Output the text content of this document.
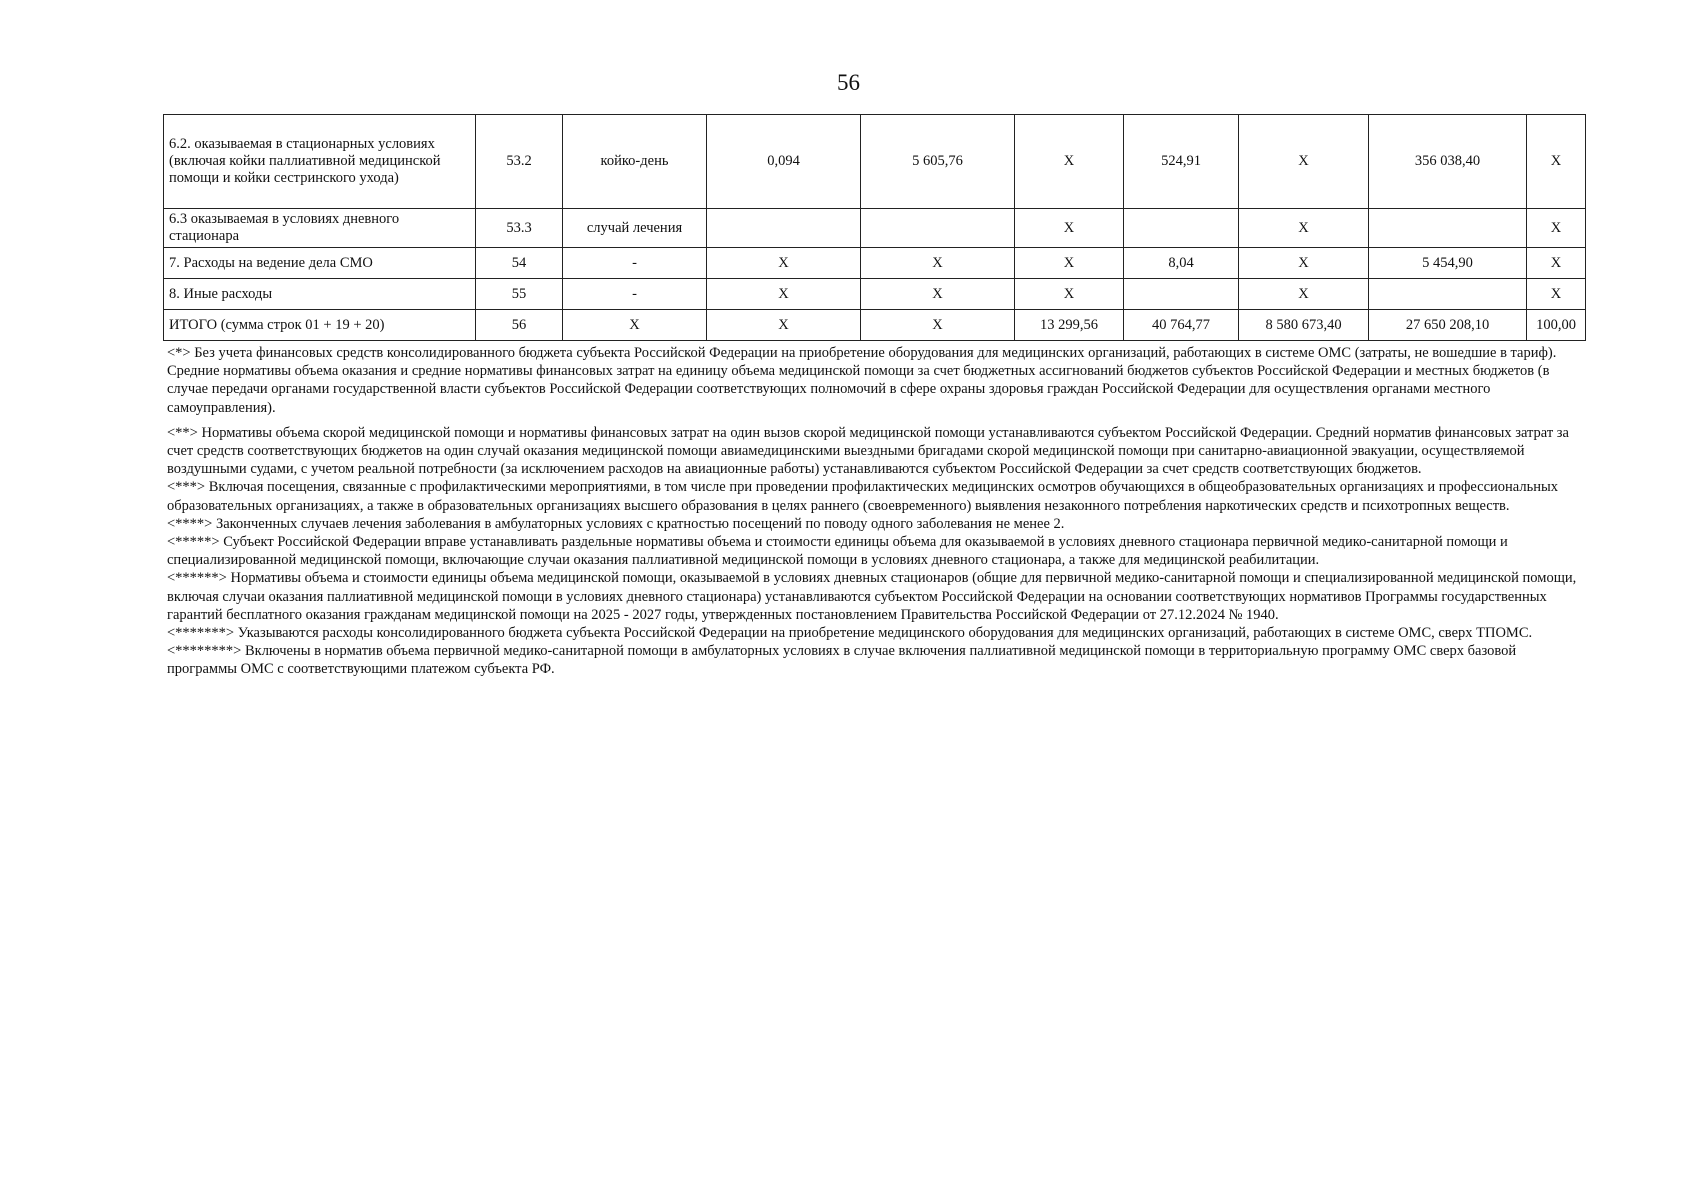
56
6.2. оказываемая в стационарных условиях (включая койки паллиативной медицинской помощи и койки сестринского ухода)	53.2	койко-день	0,094	5 605,76	X	524,91	X	356 038,40	X
6.3 оказываемая в условиях дневного стационара	53.3	случай лечения			X		X		X
7. Расходы на ведение дела СМО	54	-	X	X	X	8,04	X	5 454,90	X
8. Иные расходы	55	-	X	X	X		X		X
ИТОГО (сумма строк 01 + 19 + 20)	56	X	X	X	13 299,56	40 764,77	8 580 673,40	27 650 208,10	100,00

<*> Без учета финансовых средств консолидированного бюджета субъекта Российской Федерации на приобретение оборудования для медицинских организаций, работающих в системе ОМС (затраты, не вошедшие в тариф). Средние нормативы объема оказания и средние нормативы финансовых затрат на единицу объема медицинской помощи за счет бюджетных ассигнований бюджетов субъектов Российской Федерации и местных бюджетов (в случае передачи органами государственной власти субъектов Российской Федерации соответствующих полномочий в сфере охраны здоровья граждан Российской Федерации для осуществления органами местного самоуправления).

<**> Нормативы объема скорой медицинской помощи и нормативы финансовых затрат на один вызов скорой медицинской помощи устанавливаются субъектом Российской Федерации. Средний норматив финансовых затрат за счет средств соответствующих бюджетов на один случай оказания медицинской помощи авиамедицинскими выездными бригадами скорой медицинской помощи при санитарно-авиационной эвакуации, осуществляемой воздушными судами, с учетом реальной потребности (за исключением расходов на авиационные работы) устанавливаются субъектом Российской Федерации за счет средств соответствующих бюджетов.

<***> Включая посещения, связанные с профилактическими мероприятиями, в том числе при проведении профилактических медицинских осмотров обучающихся в общеобразовательных организациях и профессиональных образовательных организациях, а также в образовательных организациях высшего образования в целях раннего (своевременного) выявления незаконного потребления наркотических средств и психотропных веществ.

<****> Законченных случаев лечения заболевания в амбулаторных условиях с кратностью посещений по поводу одного заболевания не менее 2.

<*****> Субъект Российской Федерации вправе устанавливать раздельные нормативы объема и стоимости единицы объема для оказываемой в условиях дневного стационара первичной медико-санитарной помощи и специализированной медицинской помощи, включающие случаи оказания паллиативной медицинской помощи в условиях дневного стационара, а также для медицинской реабилитации.

<******> Нормативы объема и стоимости единицы объема медицинской помощи, оказываемой в условиях дневных стационаров (общие для первичной медико-санитарной помощи и специализированной медицинской помощи, включая случаи оказания паллиативной медицинской помощи в условиях дневного стационара) устанавливаются субъектом Российской Федерации на основании соответствующих нормативов Программы государственных гарантий бесплатного оказания гражданам медицинской помощи на 2025 - 2027 годы, утвержденных постановлением Правительства Российской Федерации от 27.12.2024 № 1940.

<*******> Указываются расходы консолидированного бюджета субъекта Российской Федерации на приобретение медицинского оборудования для медицинских организаций, работающих в системе ОМС, сверх ТПОМС.

<********> Включены в норматив объема первичной медико-санитарной помощи в амбулаторных условиях в случае включения паллиативной медицинской помощи в территориальную программу ОМС сверх базовой программы ОМС с соответствующими платежом субъекта РФ.
